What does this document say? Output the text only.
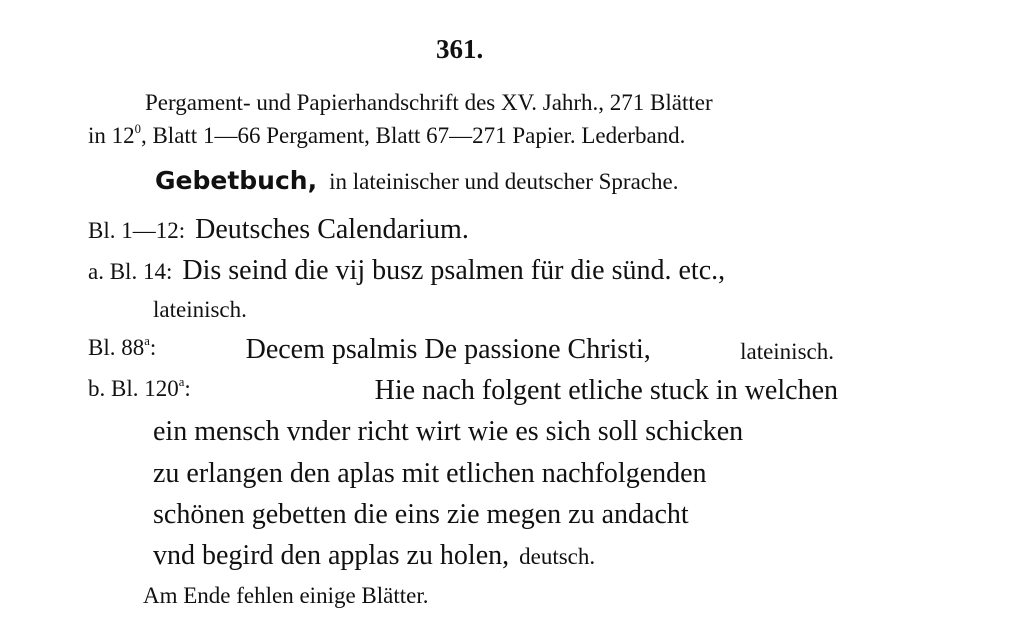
361.
Pergament- und Papierhandschrift des XV. Jahrh., 271 Blätter
in $12^0$, Blatt 1—66 Pergament, Blatt 67—271 Papier. Lederband.
Gebetbuch, in lateinischer und deutscher Sprache.
Bl. 1—12: Deutsches Calendarium.
a. Bl. 14: Dis seind die vij busz psalmen für die sünd. etc.,
lateinisch.
Bl. 88$^a$:	Decem psalmis De passione Christi,	lateinisch.
b. Bl. 120$^a$:	Hie nach folgent etliche stuck in welchen
ein mensch vnder richt wirt wie es sich soll schicken
zu erlangen den aplas mit etlichen nachfolgenden
schönen gebetten die eins zie megen zu andacht
vnd begird den applas zu holen, deutsch.
Am Ende fehlen einige Blätter.
